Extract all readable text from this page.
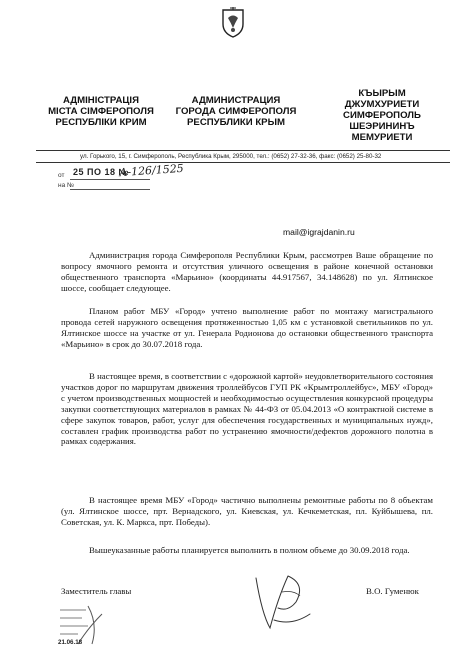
АДМІНІСТРАЦІЯ
МІСТА СІМФЕРОПОЛЯ
РЕСПУБЛІКИ КРИМ
АДМИНИСТРАЦИЯ
ГОРОДА СИМФЕРОПОЛЯ
РЕСПУБЛИКИ КРЫМ
КЪЫРЫМ
ДЖУМХУРИЕТИ
СИМФЕРОПОЛЬ
ШЕЭРИНИНЪ
МЕМУРИЕТИ
ул. Горького, 15, г. Симферополь, Республика Крым, 295000, тел.: (0652) 27-32-36, факс: (0652) 25-80-32
от
на №
25 ПО 18 №
А-126/1525
mail@igrajdanin.ru

Администрация города Симферополя Республики Крым, рассмотрев Ваше обращение по вопросу ямочного ремонта и отсутствия уличного освещения в районе конечной остановки общественного транспорта «Марьино» (координаты 44.917567, 34.148628) по ул. Ялтинское шоссе, сообщает следующее.

Планом работ МБУ «Город» учтено выполнение работ по монтажу магистрального провода сетей наружного освещения протяженностью 1,05 км с установкой светильников по ул. Ялтинское шоссе на участке от ул. Генерала Родионова до остановки общественного транспорта «Марьино» в срок до 30.07.2018 года.

В настоящее время, в соответствии с «дорожной картой» неудовлетворительного состояния участков дорог по маршрутам движения троллейбусов ГУП РК «Крымтроллейбус», МБУ «Город» с учетом производственных мощностей и необходимостью осуществления конкурсной процедуры закупки соответствующих материалов в рамках № 44-ФЗ от 05.04.2013 «О контрактной системе в сфере закупок товаров, работ, услуг для обеспечения государственных и муниципальных нужд», составлен график производства работ по устранению ямочности/дефектов дорожного полотна в рамках содержания.

В настоящее время МБУ «Город» частично выполнены ремонтные работы по 8 объектам (ул. Ялтинское шоссе, прт. Вернадского, ул. Киевская, ул. Кечкеметская, пл. Куйбышева, пл. Советская, ул. К. Маркса, прт. Победы).

Вышеуказанные работы планируется выполнить в полном объеме до 30.09.2018 года.

Заместитель главы	В.О. Гуменюк
21.06.18
